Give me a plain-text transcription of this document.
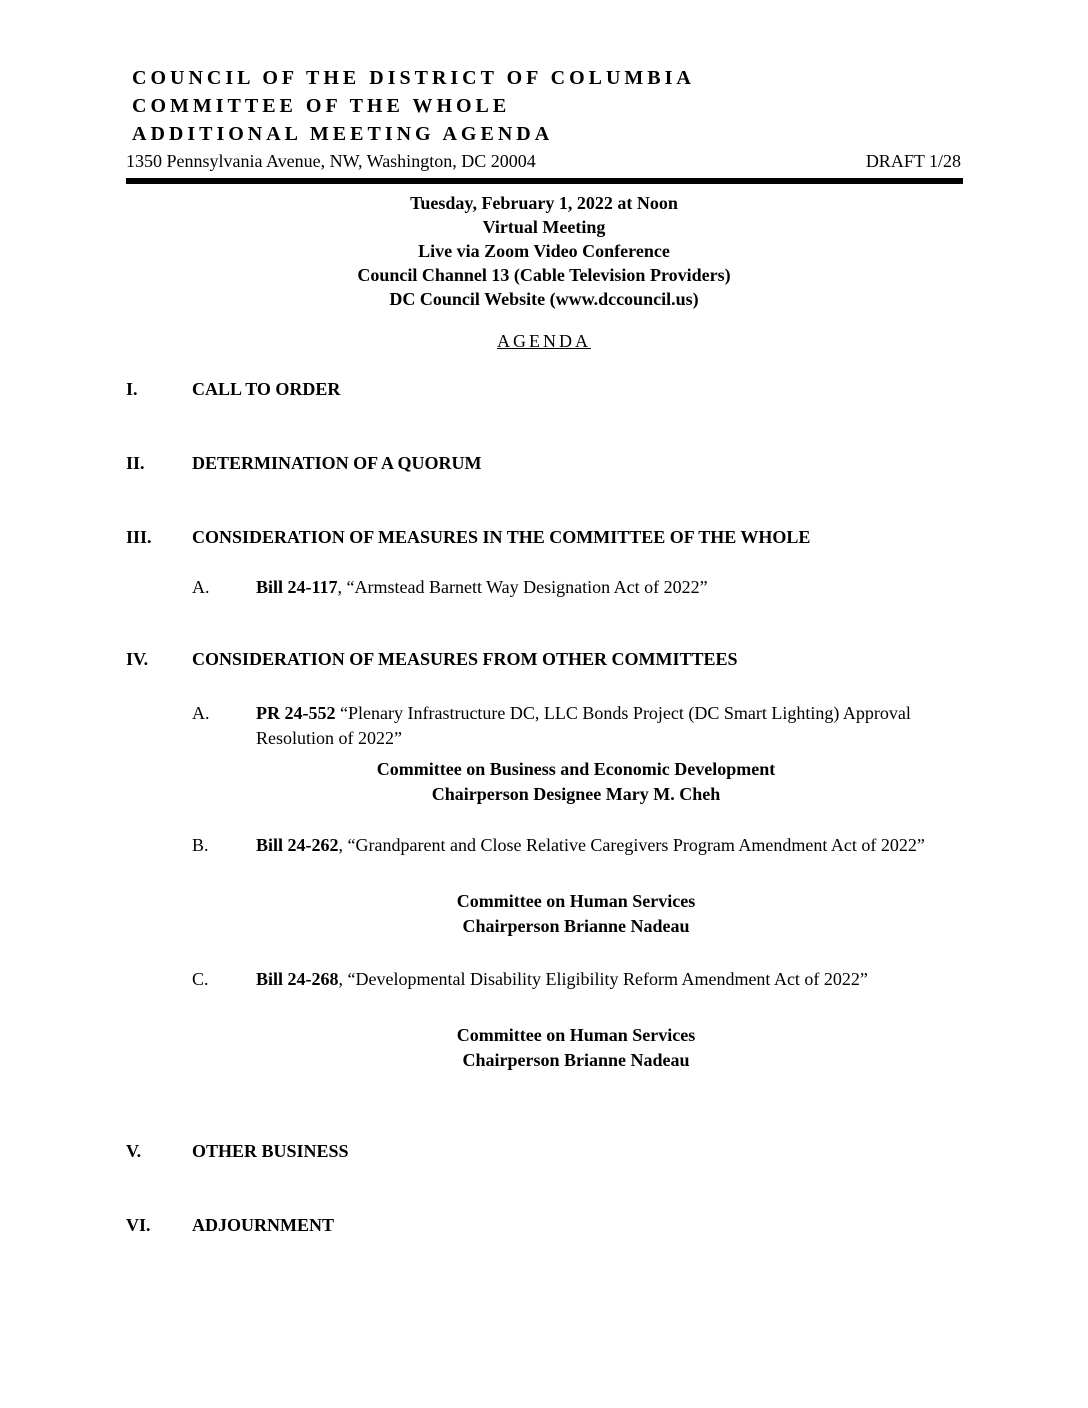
COUNCIL OF THE DISTRICT OF COLUMBIA
COMMITTEE OF THE WHOLE
ADDITIONAL MEETING AGENDA
1350 Pennsylvania Avenue, NW, Washington, DC 20004	DRAFT 1/28
Tuesday, February 1, 2022 at Noon
Virtual Meeting
Live via Zoom Video Conference
Council Channel 13 (Cable Television Providers)
DC Council Website (www.dccouncil.us)
AGENDA
I.	CALL TO ORDER
II.	DETERMINATION OF A QUORUM
III. CONSIDERATION OF MEASURES IN THE COMMITTEE OF THE WHOLE
A.	Bill 24-117, “Armstead Barnett Way Designation Act of 2022”
IV. CONSIDERATION OF MEASURES FROM OTHER COMMITTEES
A.	PR 24-552 “Plenary Infrastructure DC, LLC Bonds Project (DC Smart Lighting) Approval Resolution of 2022”
Committee on Business and Economic Development
Chairperson Designee Mary M. Cheh
B.	Bill 24-262, “Grandparent and Close Relative Caregivers Program Amendment Act of 2022”
Committee on Human Services
Chairperson Brianne Nadeau
C.	Bill 24-268, “Developmental Disability Eligibility Reform Amendment Act of 2022”
Committee on Human Services
Chairperson Brianne Nadeau
V.	OTHER BUSINESS
VI. ADJOURNMENT
